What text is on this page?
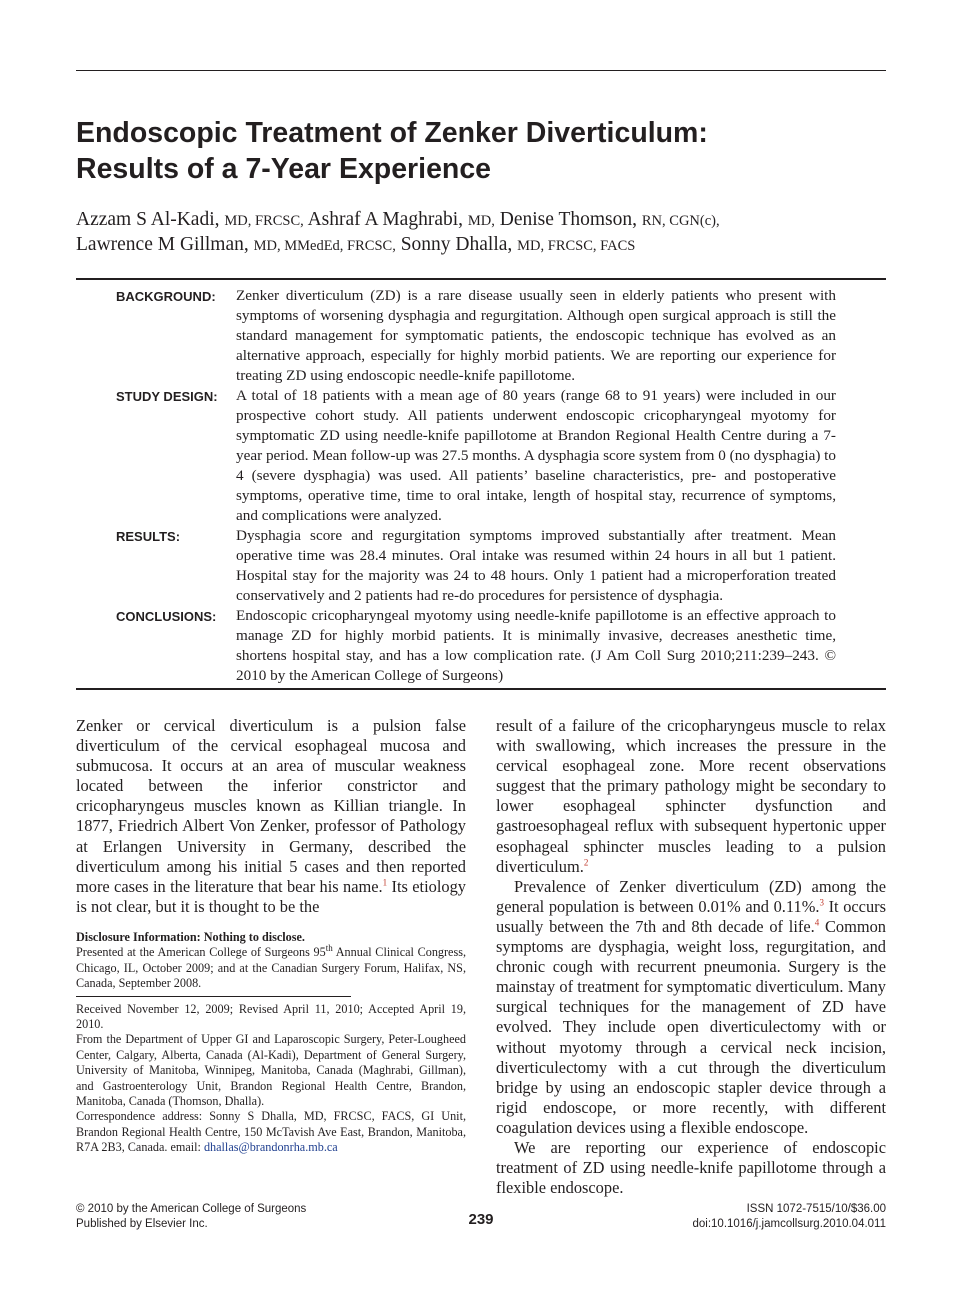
Endoscopic Treatment of Zenker Diverticulum:
Results of a 7-Year Experience
Azzam S Al-Kadi, MD, FRCSC, Ashraf A Maghrabi, MD, Denise Thomson, RN, CGN(c),
Lawrence M Gillman, MD, MMedEd, FRCSC, Sonny Dhalla, MD, FRCSC, FACS
BACKGROUND:	Zenker diverticulum (ZD) is a rare disease usually seen in elderly patients who present with symptoms of worsening dysphagia and regurgitation. Although open surgical approach is still the standard management for symptomatic patients, the endoscopic technique has evolved as an alternative approach, especially for highly morbid patients. We are reporting our experience for treating ZD using endoscopic needle-knife papillotome.
STUDY DESIGN:	A total of 18 patients with a mean age of 80 years (range 68 to 91 years) were included in our prospective cohort study. All patients underwent endoscopic cricopharyngeal myotomy for symptomatic ZD using needle-knife papillotome at Brandon Regional Health Centre during a 7-year period. Mean follow-up was 27.5 months. A dysphagia score system from 0 (no dysphagia) to 4 (severe dysphagia) was used. All patients’ baseline characteristics, pre- and postoperative symptoms, operative time, time to oral intake, length of hospital stay, recurrence of symptoms, and complications were analyzed.
RESULTS:	Dysphagia score and regurgitation symptoms improved substantially after treatment. Mean operative time was 28.4 minutes. Oral intake was resumed within 24 hours in all but 1 patient. Hospital stay for the majority was 24 to 48 hours. Only 1 patient had a microperforation treated conservatively and 2 patients had re-do procedures for persistence of dysphagia.
CONCLUSIONS:	Endoscopic cricopharyngeal myotomy using needle-knife papillotome is an effective approach to manage ZD for highly morbid patients. It is minimally invasive, decreases anesthetic time, shortens hospital stay, and has a low complication rate. (J Am Coll Surg 2010;211:239–243. © 2010 by the American College of Surgeons)

Zenker or cervical diverticulum is a pulsion false diverticulum of the cervical esophageal mucosa and submucosa. It occurs at an area of muscular weakness located between the inferior constrictor and cricopharyngeus muscles known as Killian triangle. In 1877, Friedrich Albert Von Zenker, professor of Pathology at Erlangen University in Germany, described the diverticulum among his initial 5 cases and then reported more cases in the literature that bear his name.$^1$ Its etiology is not clear, but it is thought to be the

Disclosure Information: Nothing to disclose.

Presented at the American College of Surgeons 95th Annual Clinical Congress, Chicago, IL, October 2009; and at the Canadian Surgery Forum, Halifax, NS, Canada, September 2008.

Received November 12, 2009; Revised April 11, 2010; Accepted April 19, 2010.

From the Department of Upper GI and Laparoscopic Surgery, Peter-Lougheed Center, Calgary, Alberta, Canada (Al-Kadi), Department of General Surgery, University of Manitoba, Winnipeg, Manitoba, Canada (Maghrabi, Gillman), and Gastroenterology Unit, Brandon Regional Health Centre, Brandon, Manitoba, Canada (Thomson, Dhalla).

Correspondence address: Sonny S Dhalla, MD, FRCSC, FACS, GI Unit, Brandon Regional Health Centre, 150 McTavish Ave East, Brandon, Manitoba, R7A 2B3, Canada. email: dhallas@brandonrha.mb.ca

result of a failure of the cricopharyngeus muscle to relax with swallowing, which increases the pressure in the cervical esophageal zone. More recent observations suggest that the primary pathology might be secondary to lower esophageal sphincter dysfunction and gastroesophageal reflux with subsequent hypertonic upper esophageal sphincter muscles leading to a pulsion diverticulum.$^2$

Prevalence of Zenker diverticulum (ZD) among the general population is between 0.01% and 0.11%.$^3$ It occurs usually between the 7th and 8th decade of life.$^4$ Common symptoms are dysphagia, weight loss, regurgitation, and chronic cough with recurrent pneumonia. Surgery is the mainstay of treatment for symptomatic diverticulum. Many surgical techniques for the management of ZD have evolved. They include open diverticulectomy with or without myotomy through a cervical neck incision, diverticulectomy with a cut through the diverticulum bridge by using an endoscopic stapler device through a rigid endoscope, or more recently, with different coagulation devices using a flexible endoscope.

We are reporting our experience of endoscopic treatment of ZD using needle-knife papillotome through a flexible endoscope.

© 2010 by the American College of Surgeons
Published by Elsevier Inc.	239
ISSN 1072-7515/10/$36.00
doi:10.1016/j.jamcollsurg.2010.04.011
